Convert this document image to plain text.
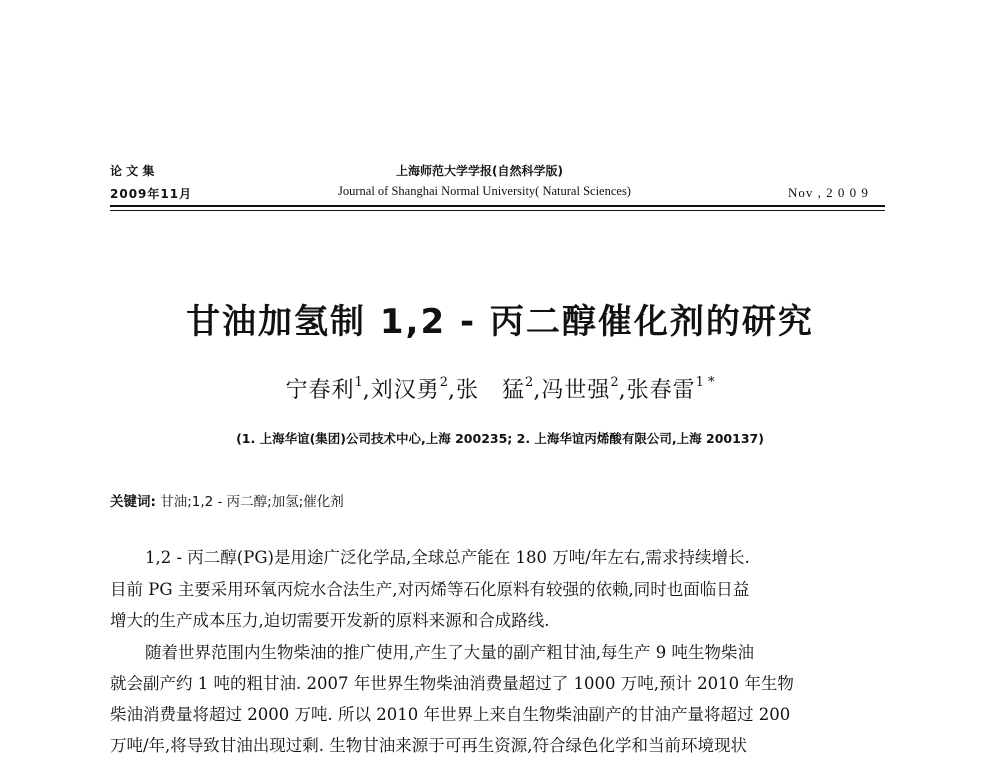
论 文 集
2009年11月
上海师范大学学报(自然科学版)
Journal of Shanghai Normal University( Natural Sciences)	Nov , 2 0 0 9
甘油加氢制 1,2 - 丙二醇催化剂的研究
宁春利$^1$,刘汉勇$^2$,张　猛$^2$,冯世强$^2$,张春雷$^{1 *}$
(1. 上海华谊(集团)公司技术中心,上海 200235; 2. 上海华谊丙烯酸有限公司,上海 200137)
关键词: 甘油;1,2 - 丙二醇;加氢;催化剂
1,2 - 丙二醇(PG)是用途广泛化学品,全球总产能在 180 万吨/年左右,需求持续增长.
目前 PG 主要采用环氧丙烷水合法生产,对丙烯等石化原料有较强的依赖,同时也面临日益
增大的生产成本压力,迫切需要开发新的原料来源和合成路线.
随着世界范围内生物柴油的推广使用,产生了大量的副产粗甘油,每生产 9 吨生物柴油
就会副产约 1 吨的粗甘油. 2007 年世界生物柴油消费量超过了 1000 万吨,预计 2010 年生物
柴油消费量将超过 2000 万吨. 所以 2010 年世界上来自生物柴油副产的甘油产量将超过 200
万吨/年,将导致甘油出现过剩. 生物甘油来源于可再生资源,符合绿色化学和当前环境现状
